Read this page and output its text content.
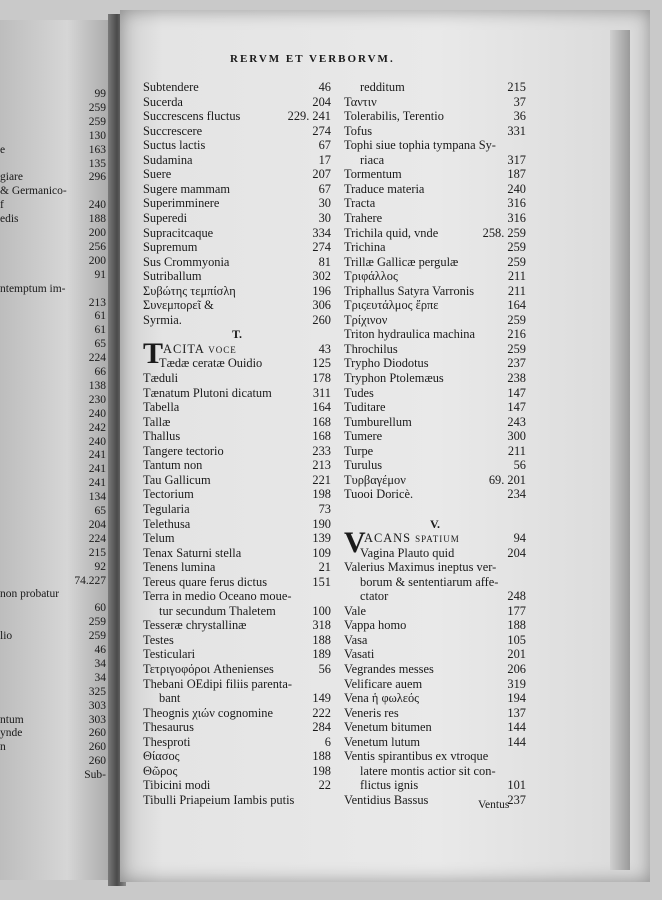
99
259
259
130
e	163
135
giare	296
& Germanico-
f	240
edis	188
200
256
200
91
ntemptum im-
213
61
61
65
224
66
138
230
240
242
240
241
241
241
134
65
204
224
215
92
74.227
non probatur
60
259
lio	259
46
34
34
325
303
ntum	303
ynde	260
n	260
260
Sub-
RERVM ET VERBORVM.
Subtendere	46
Sucerda	204
Succrescens fluctus	229. 241
Succrescere	274
Suctus lactis	67
Sudamina	17
Suere	207
Sugere mammam	67
Superimminere	30
Superedi	30
Supracitcaque	334
Supremum	274
Sus Crommyonia	81
Sutriballum	302
Συβώτης τεμπίσλη	196
Συνεμπορεῖ &	306
Syrmia.	260
T.
T ACITA voce	43
Tædæ ceratæ Ouidio	125
Tæduli	178
Tænatum Plutoni dicatum	311
Tabella	164
Tallæ	168
Thallus	168
Tangere tectorio	233
Tantum non	213
Tau Gallicum	221
Tectorium	198
Tegularia	73
Telethusa	190
Telum	139
Tenax Saturni stella	109
Tenens lumina	21
Tereus quare ferus dictus	151
Terra in medio Oceano moue-
tur secundum Thaletem	100
Tesseræ chrystallinæ	318
Testes	188
Testiculari	189
Τετριγοφόροι Athenienses	56
Thebani OEdipi filiis parenta-
bant	149
Theognis χιών cognomine	222
Thesaurus	284
Thesproti	6
Θίασος	188
Θῶρος	198
Tibicini modi	22
Tibulli Priapeium Iambis putis
redditum	215
Ταντιν	37
Tolerabilis, Terentio	36
Tofus	331
Tophi siue tophia tympana Sy-
riaca	317
Tormentum	187
Traduce materia	240
Tracta	316
Trahere	316
Trichila quid, vnde	258. 259
Trichina	259
Trillæ Gallicæ pergulæ	259
Τριφάλλος	211
Triphallus Satyra Varronis	211
Τριςευτάλμος ἔρπε	164
Τρίχινον	259
Triton hydraulica machina	216
Throchilus	259
Trypho Diodotus	237
Tryphon Ptolemæus	238
Tudes	147
Tuditare	147
Tumburellum	243
Tumere	300
Turpe	211
Turulus	56
Τυρβαγέμον	69. 201
Tuooi Doricè.	234
V.
V
ACANS spatium	94
Vagina Plauto quid	204
Valerius Maximus ineptus ver-
borum & sententiarum affe-
ctator	248
Vale	177
Vappa homo	188
Vasa	105
Vasati	201
Vegrandes messes	206
Velificare auem	319
Vena ἡ φωλεός	194
Veneris res	137
Venetum bitumen	144
Venetum lutum	144
Ventis spirantibus ex vtroque
latere montis actior sit con-
flictus ignis	101
Ventidius Bassus	237
Ventus
